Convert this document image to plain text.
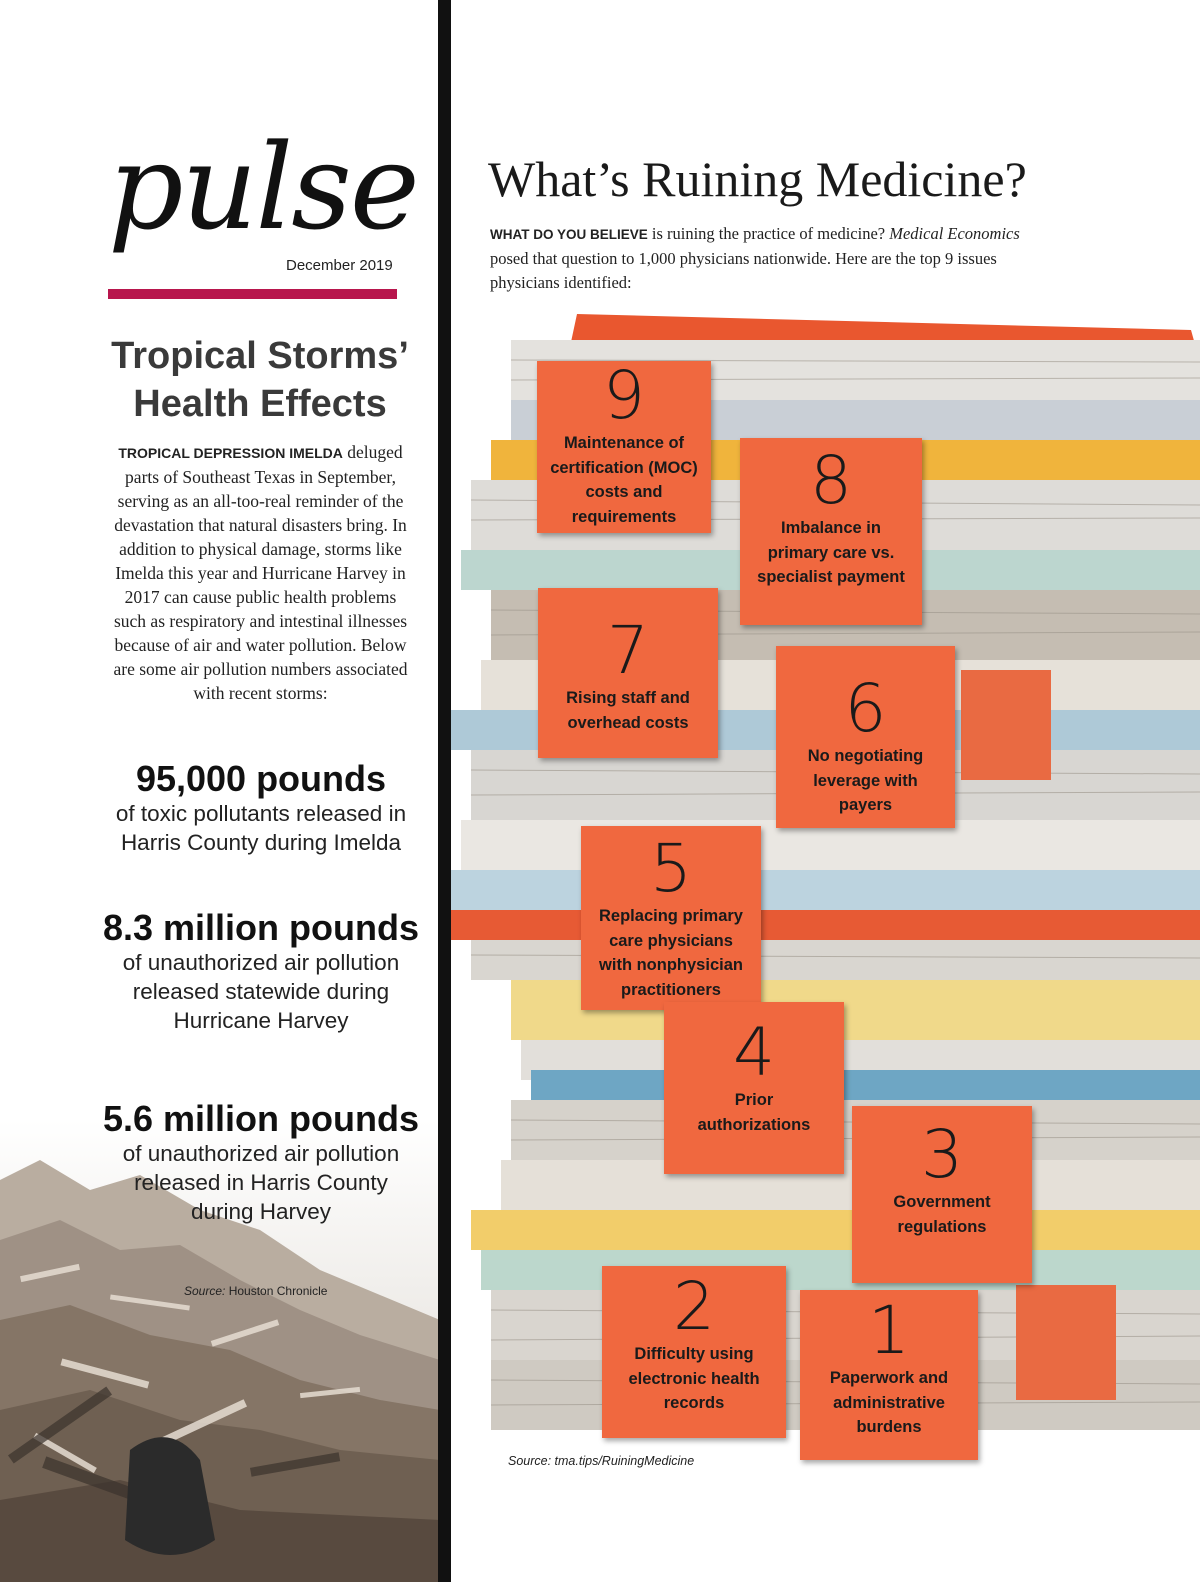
pulse
December 2019
Tropical Storms’
Health Effects
TROPICAL DEPRESSION IMELDA deluged parts of Southeast Texas in September, serving as an all-too-real reminder of the devastation that natural disasters bring. In addition to physical damage, storms like Imelda this year and Hurricane Harvey in 2017 can cause public health problems such as respiratory and intestinal illnesses because of air and water pollution. Below are some air pollution numbers associated with recent storms:
95,000 pounds
of toxic pollutants released in Harris County during Imelda
8.3 million pounds
of unauthorized air pollution released statewide during Hurricane Harvey
5.6 million pounds
of unauthorized air pollution released in Harris County during Harvey
Source: Houston Chronicle
What’s Ruining Medicine?
WHAT DO YOU BELIEVE is ruining the practice of medicine? Medical Economics posed that question to 1,000 physicians nationwide. Here are the top 9 issues physicians identified:
9
Maintenance of certification (MOC) costs and requirements	8
Imbalance in primary care vs. specialist payment
7
Rising staff and overhead costs	6
No negotiating leverage with payers
5
Replacing primary care physicians with nonphysician practitioners
4
Prior authorizations	3
Government regulations
2
Difficulty using electronic health records
1
Paperwork and administrative burdens
Source: tma.tips/RuiningMedicine
